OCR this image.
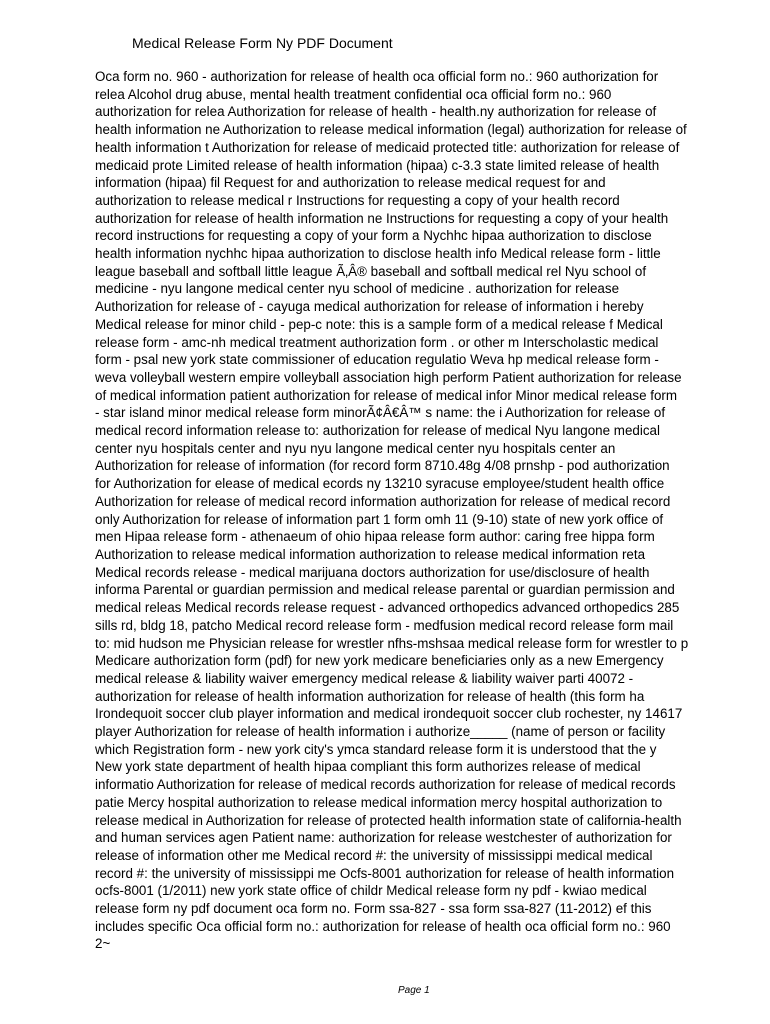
Medical Release Form Ny PDF Document
Oca form no. 960 - authorization for release of health oca official form no.: 960 authorization for
relea Alcohol drug abuse, mental health treatment confidential oca official form no.: 960
authorization for relea Authorization for release of health - health.ny authorization for release of
health information ne Authorization to release medical information (legal) authorization for release of
health information t Authorization for release of medicaid protected title: authorization for release of
medicaid prote Limited release of health information (hipaa) c-3.3 state limited release of health
information (hipaa) fil Request for and authorization to release medical request for and
authorization to release medical r Instructions for requesting a copy of your health record
authorization for release of health information ne Instructions for requesting a copy of your health
record instructions for requesting a copy of your form a Nychhc hipaa authorization to disclose
health information nychhc hipaa authorization to disclose health info Medical release form - little
league baseball and softball little league Ã‚Â® baseball and softball medical rel Nyu school of
medicine - nyu langone medical center nyu school of medicine . authorization for release
Authorization for release of - cayuga medical authorization for release of information i hereby
Medical release for minor child - pep-c note: this is a sample form of a medical release f Medical
release form - amc-nh medical treatment authorization form . or other m Interscholastic medical
form - psal new york state commissioner of education regulatio Weva hp medical release form -
weva volleyball western empire volleyball association high perform Patient authorization for release
of medical information patient authorization for release of medical infor Minor medical release form
- star island minor medical release form minorÃ¢Â€Â™ s name: the i Authorization for release of
medical record information release to: authorization for release of medical Nyu langone medical
center nyu hospitals center and nyu nyu langone medical center nyu hospitals center an
Authorization for release of information (for record form 8710.48g 4/08 prnshp - pod authorization
for Authorization for elease of medical ecords ny 13210 syracuse employee/student health office
Authorization for release of medical record information authorization for release of medical record
only Authorization for release of information part 1 form omh 11 (9-10) state of new york office of
men Hipaa release form - athenaeum of ohio hipaa release form author: caring free hippa form
Authorization to release medical information authorization to release medical information reta
Medical records release - medical marijuana doctors authorization for use/disclosure of health
informa Parental or guardian permission and medical release parental or guardian permission and
medical releas Medical records release request - advanced orthopedics advanced orthopedics 285
sills rd, bldg 18, patcho Medical record release form - medfusion medical record release form mail
to: mid hudson me Physician release for wrestler nfhs-mshsaa medical release form for wrestler to p
Medicare authorization form (pdf) for new york medicare beneficiaries only as a new Emergency
medical release & liability waiver emergency medical release & liability waiver parti 40072 -
authorization for release of health information authorization for release of health (this form ha
Irondequoit soccer club player information and medical irondequoit soccer club rochester, ny 14617
player Authorization for release of health information i authorize_____ (name of person or facility
which Registration form - new york city's ymca standard release form it is understood that the y
New york state department of health hipaa compliant this form authorizes release of medical
informatio Authorization for release of medical records authorization for release of medical records
patie Mercy hospital authorization to release medical information mercy hospital authorization to
release medical in Authorization for release of protected health information state of california-health
and human services agen Patient name: authorization for release westchester of authorization for
release of information other me Medical record #: the university of mississippi medical medical
record #: the university of mississippi me Ocfs-8001 authorization for release of health information
ocfs-8001 (1/2011) new york state office of childr Medical release form ny pdf - kwiao medical
release form ny pdf document oca form no. Form ssa-827 - ssa form ssa-827 (11-2012) ef this
includes specific Oca official form no.: authorization for release of health oca official form no.: 960
2~
Page 1
